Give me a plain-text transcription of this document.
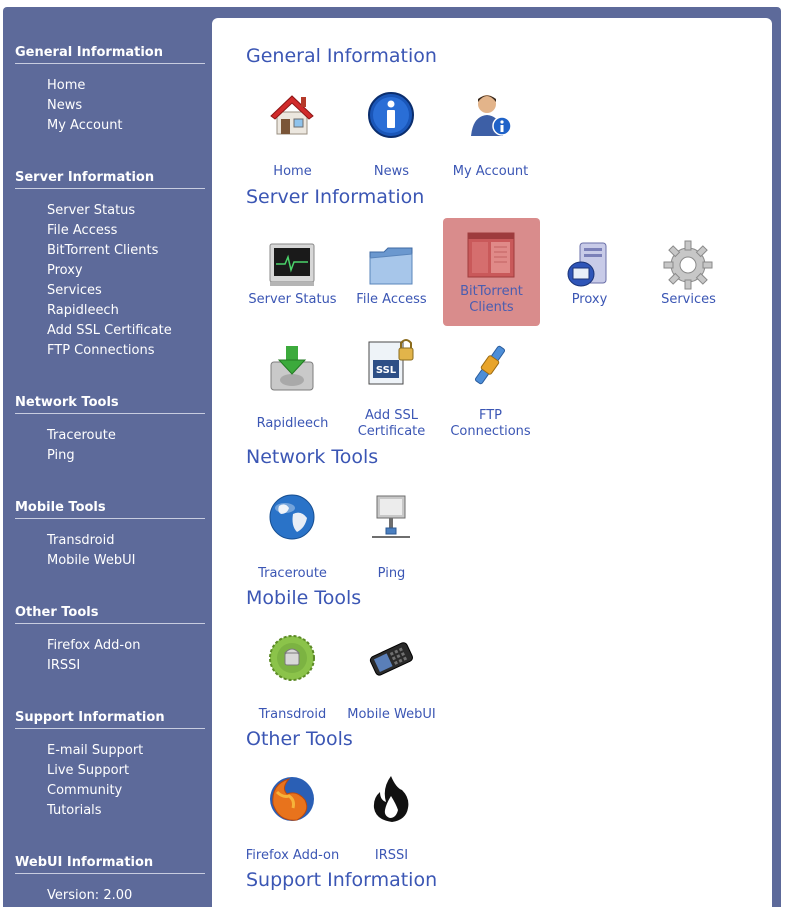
General Information
Home
News
My Account
Server Information
Server Status
File Access
BitTorrent Clients
Proxy
Services
Rapidleech
Add SSL Certificate
FTP Connections
Network Tools
Traceroute
Ping
Mobile Tools
Transdroid
Mobile WebUI
Other Tools
Firefox Add-on
IRSSI
Support Information
E-mail Support
Live Support
Community
Tutorials
WebUI Information
Version: 2.00
General Information
Home	News	My Account
Server Information
Server Status	File Access
BitTorrent
Clients
Proxy	Services
Rapidleech
SSL
Add SSL
Certificate
FTP
Connections
Network Tools
Traceroute	Ping
Mobile Tools
Transdroid	Mobile WebUI
Other Tools
Firefox Add-on	IRSSI
Support Information
